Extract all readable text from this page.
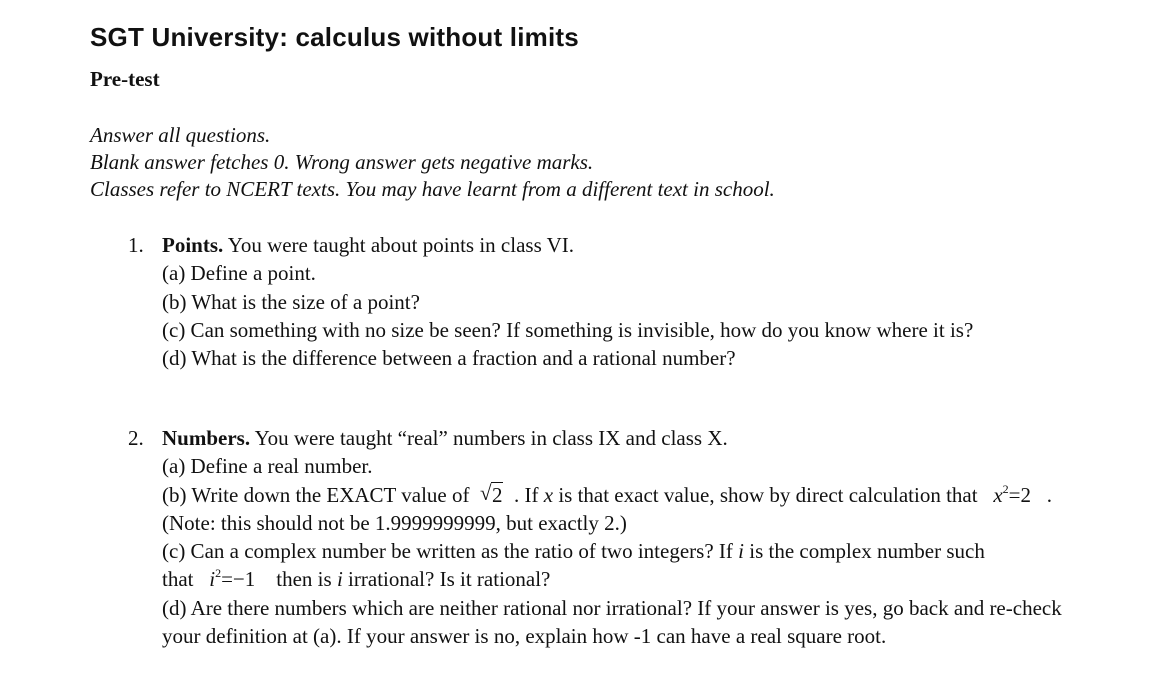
SGT University: calculus without limits
Pre-test
Answer all questions.
Blank answer fetches 0. Wrong answer gets negative marks.
Classes refer to NCERT texts. You may have learnt from a different text in school.
1. Points. You were taught about points in class VI.
(a) Define a point.
(b) What is the size of a point?
(c) Can something with no size be seen? If something is invisible, how do you know where it is?
(d) What is the difference between a fraction and a rational number?
2. Numbers. You were taught “real” numbers in class IX and class X.
(a) Define a real number.
(b) Write down the EXACT value of √ 2 . If x is that exact value, show by direct calculation that $x^2=2$ . (Note: this should not be 1.9999999999, but exactly 2.)
(c) Can a complex number be written as the ratio of two integers? If i is the complex number such that $i^2=-1$ then is i irrational? Is it rational?
(d) Are there numbers which are neither rational nor irrational? If your answer is yes, go back and re-check your definition at (a). If your answer is no, explain how -1 can have a real square root.
